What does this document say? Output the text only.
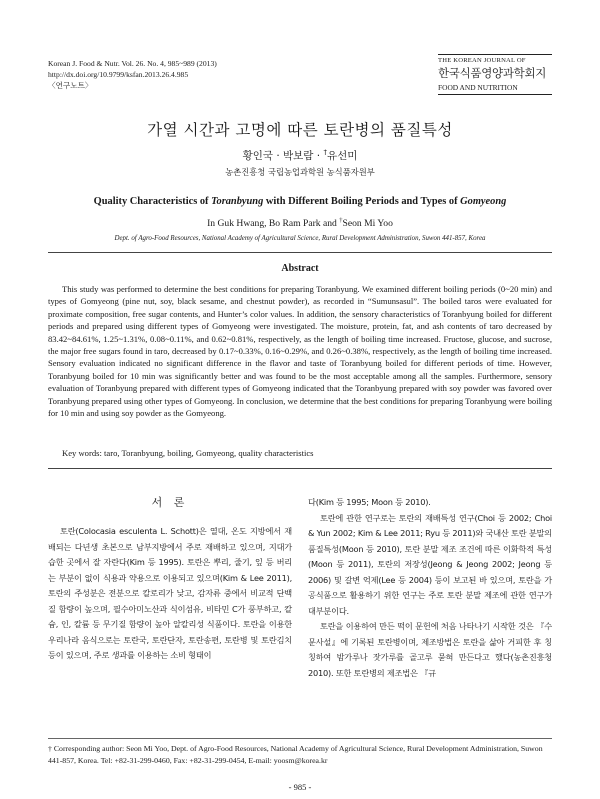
Korean J. Food & Nutr. Vol. 26. No. 4, 985~989 (2013)
http://dx.doi.org/10.9799/ksfan.2013.26.4.985
〈연구노트〉
THE KOREAN JOURNAL OF
한국식품영양과학회지
FOOD AND NUTRITION
가열 시간과 고명에 따른 토란병의 품질특성
황인국 · 박보람 · †유선미
농촌진흥청 국립농업과학원 농식품자원부
Quality Characteristics of Toranbyung with Different Boiling Periods and Types of Gomyeong
In Guk Hwang, Bo Ram Park and †Seon Mi Yoo
Dept. of Agro-Food Resources, National Academy of Agricultural Science, Rural Development Administration, Suwon 441-857, Korea
Abstract
This study was performed to determine the best conditions for preparing Toranbyung. We examined different boiling periods (0~20 min) and types of Gomyeong (pine nut, soy, black sesame, and chestnut powder), as recorded in “Sumunsasul”. The boiled taros were evaluated for proximate composition, free sugar contents, and Hunter’s color values. In addition, the sensory characteristics of Toranbyung boiled for different periods and prepared using different types of Gomyeong were investigated. The moisture, protein, fat, and ash contents of taro decreased by 83.42~84.61%, 1.25~1.31%, 0.08~0.11%, and 0.62~0.81%, respectively, as the length of boiling time increased. Fructose, glucose, and sucrose, the major free sugars found in taro, decreased by 0.17~0.33%, 0.16~0.29%, and 0.26~0.38%, respectively, as the length of boiling time increased. Sensory evaluation indicated no significant difference in the flavor and taste of Toranbyung boiled for different periods of time. However, Toranbyung boiled for 10 min was significantly better and was found to be the most acceptable among all the samples. Furthermore, sensory evaluation of Toranbyung prepared with different types of Gomyeong indicated that the Toranbyung prepared with soy powder was favored over Toranbyung prepared using other types of Gomyeong. In conclusion, we determine that the best conditions for preparing Toranbyung were boiling for 10 min and using soy powder as the Gomyeong.
Key words: taro, Toranbyung, boiling, Gomyeong, quality characteristics
서 론

토란(Colocasia esculenta L. Schott)은 열대, 온도 지방에서 재배되는 다년생 초본으로 남부지방에서 주로 재배하고 있으며, 지대가 습한 곳에서 잘 자란다(Kim 등 1995). 토란은 뿌리, 줄기, 잎 등 버리는 부분이 없이 식용과 약용으로 이용되고 있으며(Kim & Lee 2011), 토란의 주성분은 전분으로 칼로리가 낮고, 감자류 중에서 비교적 단백질 함량이 높으며, 필수아미노산과 식이섬유, 비타민 C가 풍부하고, 칼슘, 인, 칼륨 등 무기질 함량이 높아 알칼리성 식품이다. 토란을 이용한 우리나라 음식으로는 토란국, 토란단자, 토란송편, 토란병 및 토란김치 등이 있으며, 주로 생과를 이용하는 소비 형태이

다(Kim 등 1995; Moon 등 2010).

토란에 관한 연구로는 토란의 재배특성 연구(Choi 등 2002; Choi & Yun 2002; Kim & Lee 2011; Ryu 등 2011)와 국내산 토란 분말의 품질특성(Moon 등 2010), 토란 분말 제조 조건에 따른 이화학적 특성(Moon 등 2011), 토란의 저장성(Jeong & Jeong 2002; Jeong 등 2006) 및 갈변 억제(Lee 등 2004) 등이 보고된 바 있으며, 토란을 가공식품으로 활용하기 위한 연구는 주로 토란 분말 제조에 관한 연구가 대부분이다.

토란을 이용하여 만든 떡이 문헌에 처음 나타나기 시작한 것은 『수문사설』에 기록된 토란병이며, 제조방법은 토란을 삶아 거피한 후 칭칭하여 밤가루나 잣가루를 골고루 묻혀 만든다고 했다(농촌진흥청 2010). 또한 토란병의 제조법은 『규

† Corresponding author: Seon Mi Yoo, Dept. of Agro-Food Resources, National Academy of Agricultural Science, Rural Development Administration, Suwon 441-857, Korea. Tel: +82-31-299-0460, Fax: +82-31-299-0454, E-mail: yoosm@korea.kr
- 985 -
